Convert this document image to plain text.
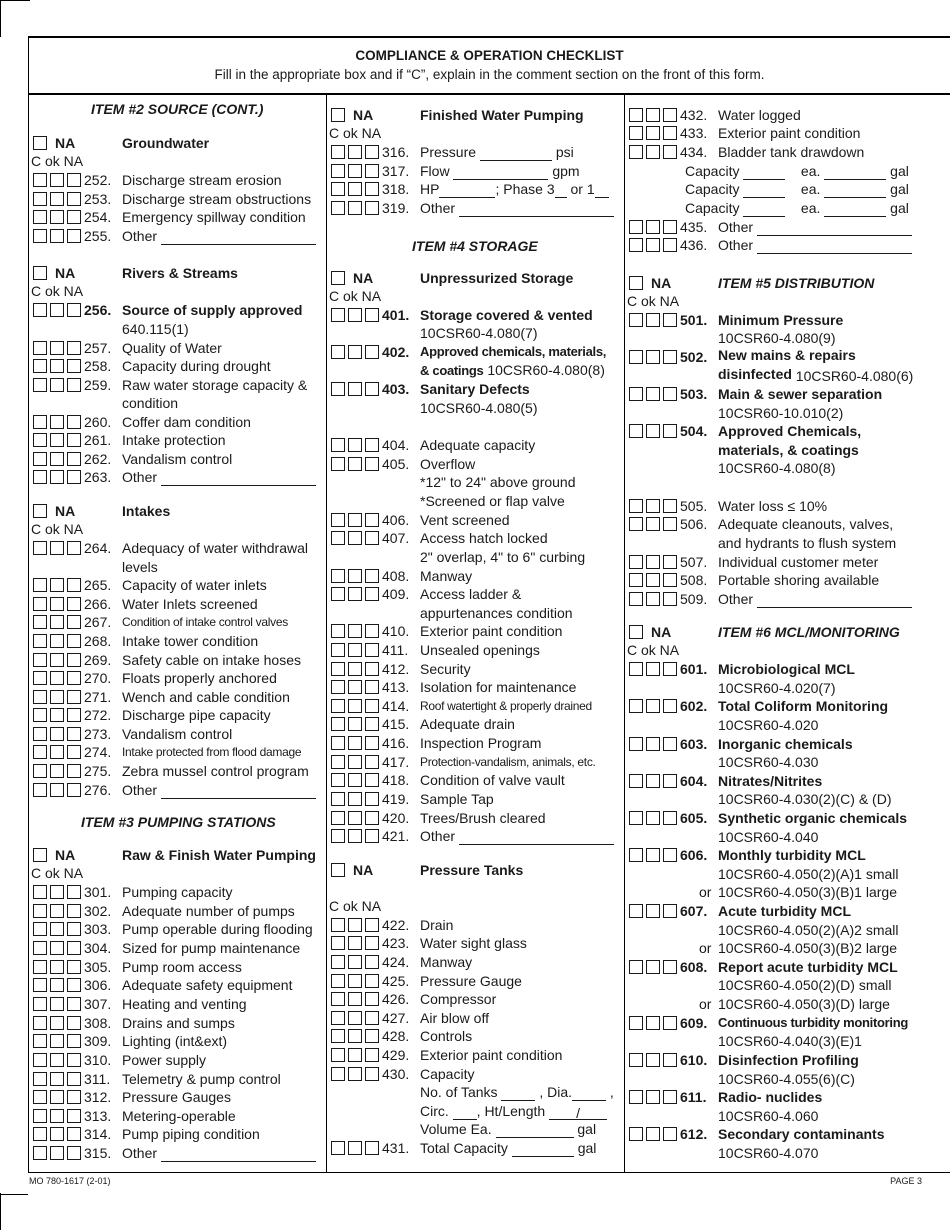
COMPLIANCE & OPERATION CHECKLIST
Fill in the appropriate box and if “C”, explain in the comment section on the front of this form.
ITEM #2 SOURCE (CONT.)
NA	Groundwater
C ok NA
252. Discharge stream erosion
253. Discharge stream obstructions
254. Emergency spillway condition
255. Other
NA	Rivers & Streams
C ok NA
256. Source of supply approved
640.115(1)
257. Quality of Water
258. Capacity during drought
259. Raw water storage capacity &
condition
260. Coffer dam condition
261. Intake protection
262. Vandalism control
263. Other
NA	Intakes
C ok NA
264. Adequacy of water withdrawal
levels
265. Capacity of water inlets
266. Water Inlets screened
267. Condition of intake control valves
268. Intake tower condition
269. Safety cable on intake hoses
270. Floats properly anchored
271. Wench and cable condition
272. Discharge pipe capacity
273. Vandalism control
274. Intake protected from flood damage
275. Zebra mussel control program
276. Other
ITEM #3 PUMPING STATIONS
NA	Raw & Finish Water Pumping
C ok NA
301. Pumping capacity
302. Adequate number of pumps
303. Pump operable during flooding
304. Sized for pump maintenance
305. Pump room access
306. Adequate safety equipment
307. Heating and venting
308. Drains and sumps
309. Lighting (int&ext)
310. Power supply
311. Telemetry & pump control
312. Pressure Gauges
313. Metering-operable
314. Pump piping condition
315. Other
NA	Finished Water Pumping
C ok NA
316. Pressure	psi
317. Flow	gpm
318. HP	; Phase 3 or 1
319. Other
ITEM #4 STORAGE
NA	Unpressurized Storage
C ok NA
401. Storage covered & vented
10CSR60-4.080(7)
402. Approved chemicals, materials,
& coatings 10CSR60-4.080(8)
403. Sanitary Defects
10CSR60-4.080(5)
404. Adequate capacity
405. Overflow
*12" to 24" above ground
*Screened or flap valve
406. Vent screened
407. Access hatch locked
2" overlap, 4" to 6" curbing
408. Manway
409. Access ladder &
appurtenances condition
410. Exterior paint condition
411. Unsealed openings
412. Security
413. Isolation for maintenance
414. Roof watertight & properly drained
415. Adequate drain
416. Inspection Program
417. Protection-vandalism, animals, etc.
418. Condition of valve vault
419. Sample Tap
420. Trees/Brush cleared
421. Other
NA	Pressure Tanks
C ok NA
422. Drain
423. Water sight glass
424. Manway
425. Pressure Gauge
426. Compressor
427. Air blow off
428. Controls
429. Exterior paint condition
430. Capacity
No. of Tanks	, Dia.	,
Circ. , Ht/Length /
Volume Ea.	gal
431. Total Capacity	gal
432. Water logged
433. Exterior paint condition
434. Bladder tank drawdown
Capacity	ea.	gal
Capacity	ea.	gal
Capacity	ea.	gal
435. Other
436. Other
NA	ITEM #5 DISTRIBUTION
C ok NA
501. Minimum Pressure
10CSR60-4.080(9)
502. New mains & repairs
disinfected 10CSR60-4.080(6)
503. Main & sewer separation
10CSR60-10.010(2)
504. Approved Chemicals,
materials, & coatings
10CSR60-4.080(8)
505. Water loss ≤ 10%
506. Adequate cleanouts, valves,
and hydrants to flush system
507. Individual customer meter
508. Portable shoring available
509. Other
NA	ITEM #6 MCL/MONITORING
C ok NA
601. Microbiological MCL
10CSR60-4.020(7)
602. Total Coliform Monitoring
10CSR60-4.020
603. Inorganic chemicals
10CSR60-4.030
604. Nitrates/Nitrites
10CSR60-4.030(2)(C) & (D)
605. Synthetic organic chemicals
10CSR60-4.040
606. Monthly turbidity MCL
10CSR60-4.050(2)(A)1 small
or 10CSR60-4.050(3)(B)1 large
607. Acute turbidity MCL
10CSR60-4.050(2)(A)2 small
or 10CSR60-4.050(3)(B)2 large
608. Report acute turbidity MCL
10CSR60-4.050(2)(D) small
or 10CSR60-4.050(3)(D) large
609. Continuous turbidity monitoring
10CSR60-4.040(3)(E)1
610. Disinfection Profiling
10CSR60-4.055(6)(C)
611. Radio- nuclides
10CSR60-4.060
612. Secondary contaminants
10CSR60-4.070
MO 780-1617 (2-01)	PAGE 3
